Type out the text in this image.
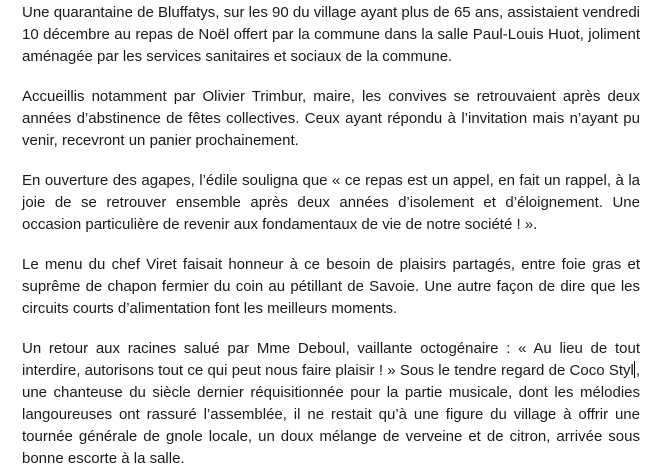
Une quarantaine de Bluffatys, sur les 90 du village ayant plus de 65 ans, assistaient vendredi 10 décembre au repas de Noël offert par la commune dans la salle Paul-Louis Huot, joliment aménagée par les services sanitaires et sociaux de la commune.

Accueillis notamment par Olivier Trimbur, maire, les convives se retrouvaient après deux années d’abstinence de fêtes collectives. Ceux ayant répondu à l’invitation mais n’ayant pu venir, recevront un panier prochainement.

En ouverture des agapes, l’édile souligna que « ce repas est un appel, en fait un rappel, à la joie de se retrouver ensemble après deux années d’isolement et d’éloignement. Une occasion particulière de revenir aux fondamentaux de vie de notre société ! ».

Le menu du chef Viret faisait honneur à ce besoin de plaisirs partagés, entre foie gras et suprême de chapon fermier du coin au pétillant de Savoie. Une autre façon de dire que les circuits courts d’alimentation font les meilleurs moments.

Un retour aux racines salué par Mme Deboul, vaillante octogénaire : « Au lieu de tout interdire, autorisons tout ce qui peut nous faire plaisir ! » Sous le tendre regard de Coco Styl , une chanteuse du siècle dernier réquisitionnée pour la partie musicale, dont les mélodies langoureuses ont rassuré l’assemblée, il ne restait qu’à une figure du village à offrir une tournée générale de gnole locale, un doux mélange de verveine et de citron, arrivée sous bonne escorte à la salle.
